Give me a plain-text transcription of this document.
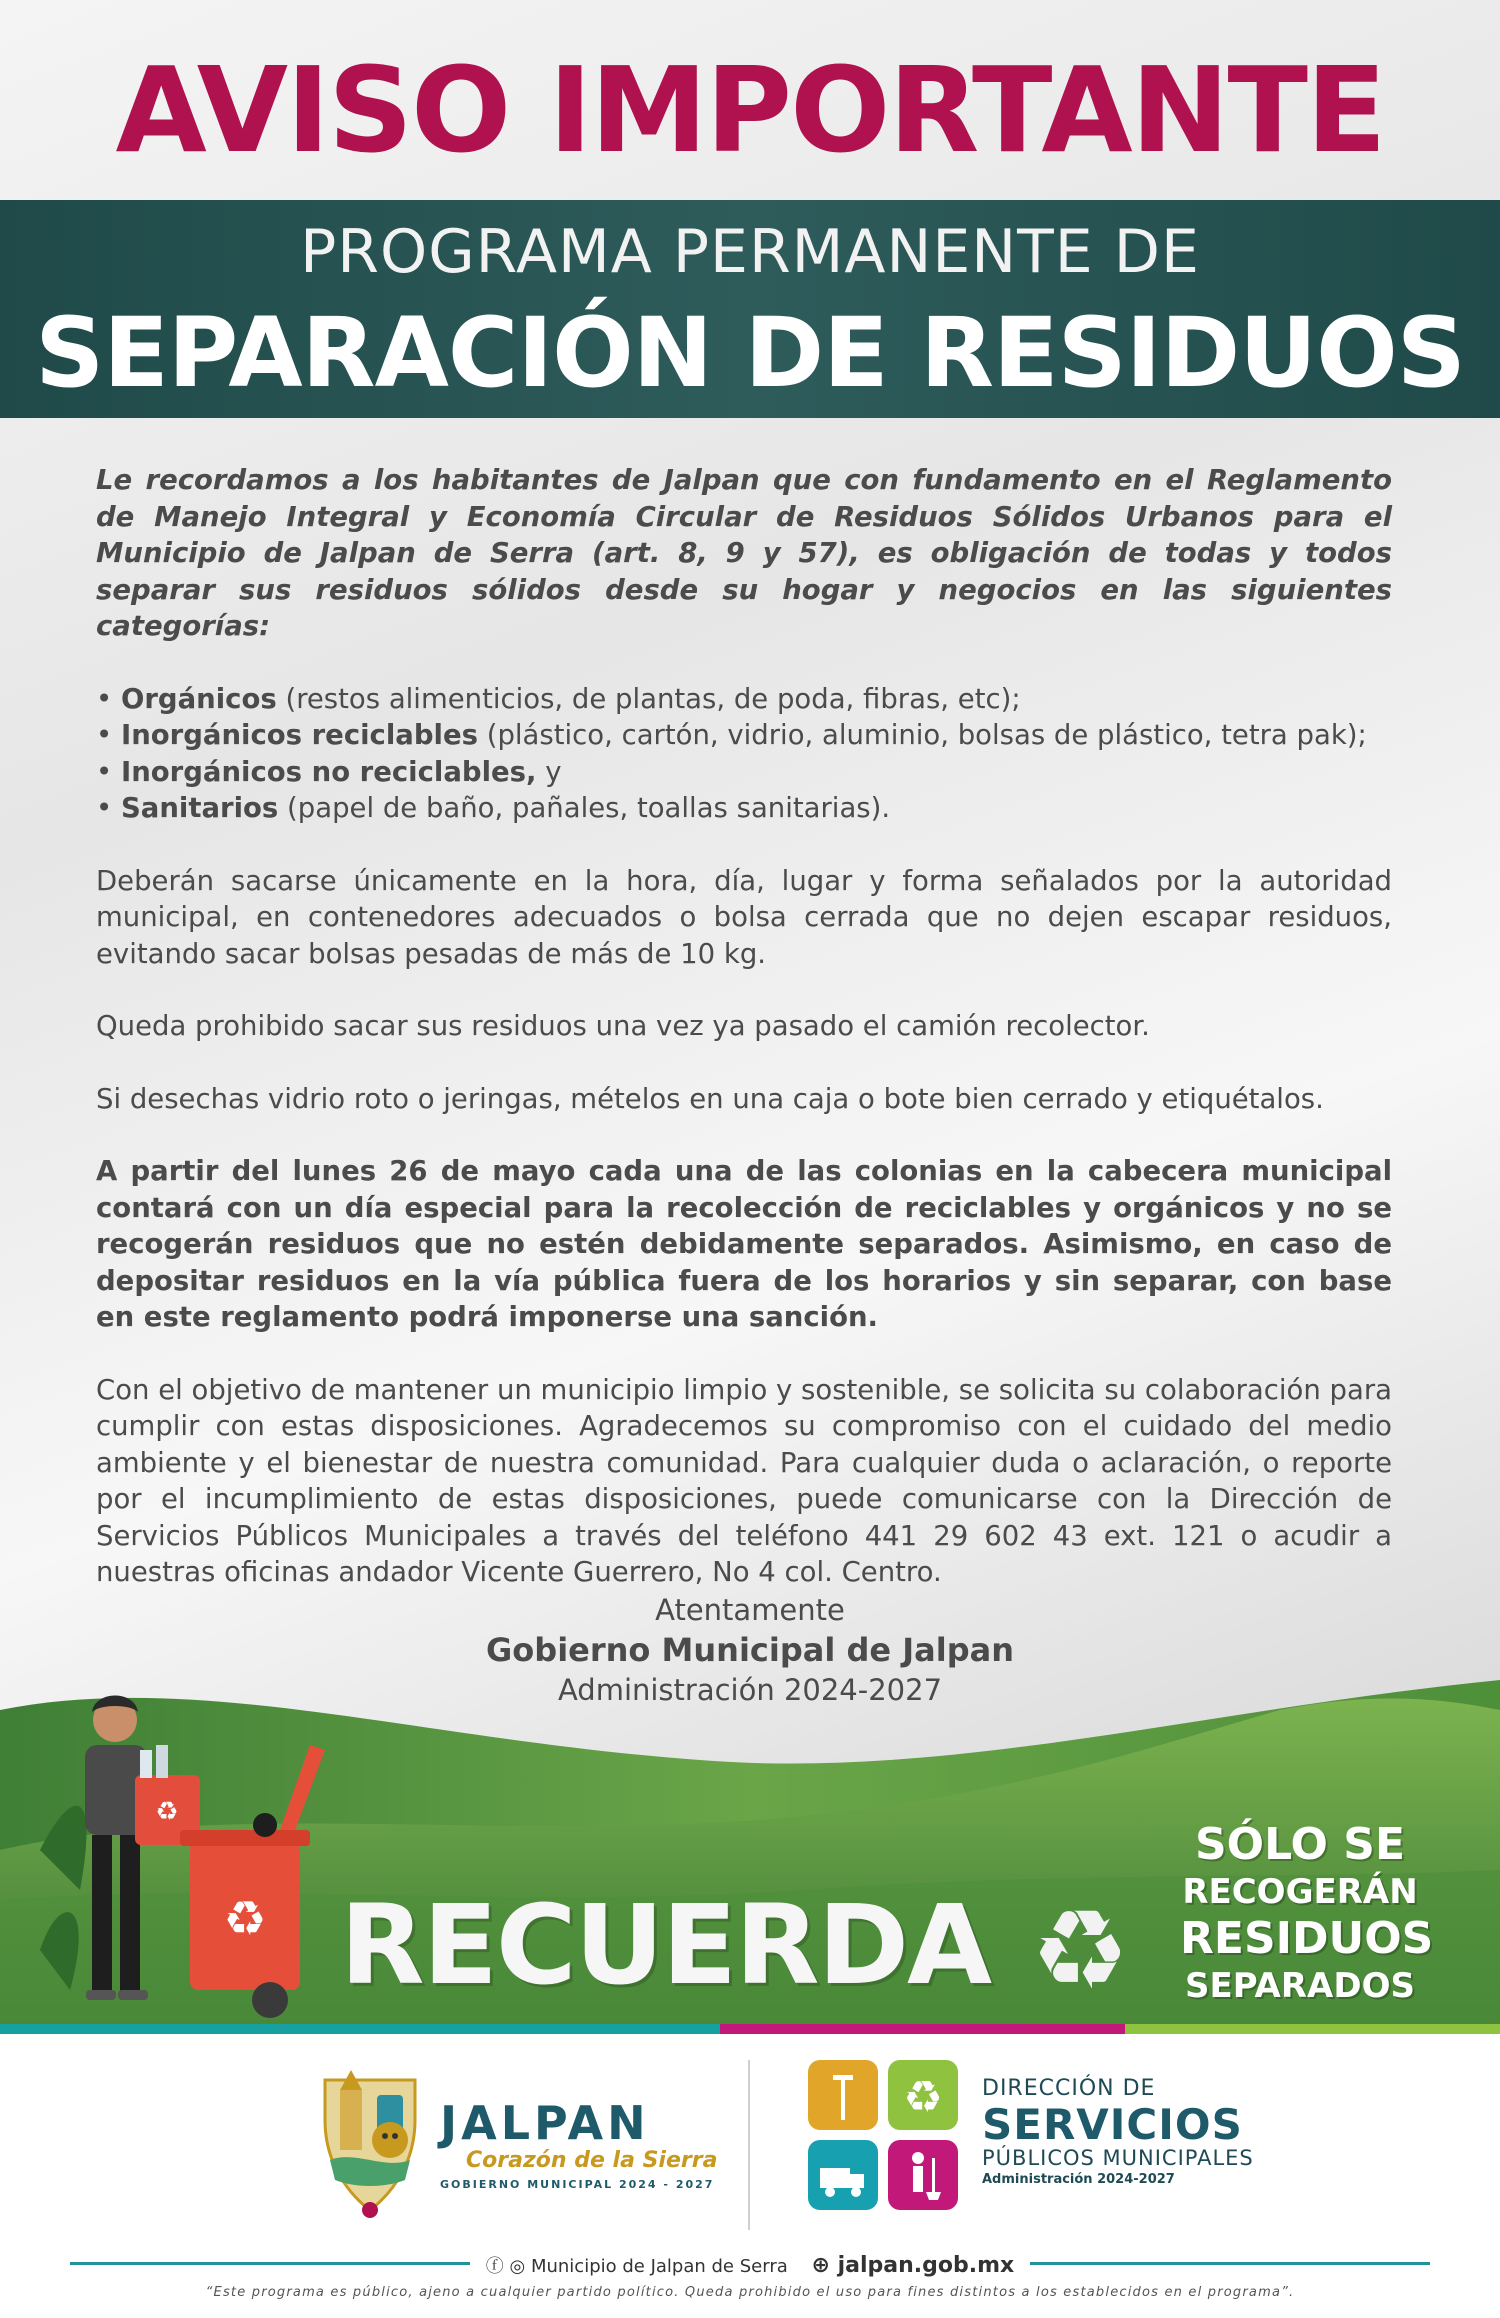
AVISO IMPORTANTE
PROGRAMA PERMANENTE DE
SEPARACIÓN DE RESIDUOS

Le recordamos a los habitantes de Jalpan que con fundamento en el Reglamento de Manejo Integral y Economía Circular de Residuos Sólidos Urbanos para el Municipio de Jalpan de Serra (art. 8, 9 y 57), es obligación de todas y todos separar sus residuos sólidos desde su hogar y negocios en las siguientes categorías:

• Orgánicos (restos alimenticios, de plantas, de poda, fibras, etc);

• Inorgánicos reciclables (plástico, cartón, vidrio, aluminio, bolsas de plástico, tetra pak);

• Inorgánicos no reciclables, y

• Sanitarios (papel de baño, pañales, toallas sanitarias).

Deberán sacarse únicamente en la hora, día, lugar y forma señalados por la autoridad municipal, en contenedores adecuados o bolsa cerrada que no dejen escapar residuos, evitando sacar bolsas pesadas de más de 10 kg.

Queda prohibido sacar sus residuos una vez ya pasado el camión recolector.

Si desechas vidrio roto o jeringas, mételos en una caja o bote bien cerrado y etiquétalos.

A partir del lunes 26 de mayo cada una de las colonias en la cabecera municipal contará con un día especial para la recolección de reciclables y orgánicos y no se recogerán residuos que no estén debidamente separados. Asimismo, en caso de depositar residuos en la vía pública fuera de los horarios y sin separar, con base en este reglamento podrá imponerse una sanción.

Con el objetivo de mantener un municipio limpio y sostenible, se solicita su colaboración para cumplir con estas disposiciones. Agradecemos su compromiso con el cuidado del medio ambiente y el bienestar de nuestra comunidad. Para cualquier duda o aclaración, o reporte por el incumplimiento de estas disposiciones, puede comunicarse con la Dirección de Servicios Públicos Municipales a través del teléfono 441 29 602 43 ext. 121 o acudir a nuestras oficinas andador Vicente Guerrero, No 4 col. Centro.

Atentamente
Gobierno Municipal de Jalpan
Administración 2024-2027
♻
♻ RECUERDA ♻
SÓLO SE
RECOGERÁN
RESIDUOS
SEPARADOS
JALPAN
Corazón de la Sierra
GOBIERNO MUNICIPAL 2024 - 2027
♻ DIRECCIÓN DE
SERVICIOS
PÚBLICOS MUNICIPALES
Administración 2024-2027
ⓕ ◎ Municipio de Jalpan de Serra ⊕ jalpan.gob.mx
“Este programa es público, ajeno a cualquier partido político. Queda prohibido el uso para fines distintos a los establecidos en el programa”.
